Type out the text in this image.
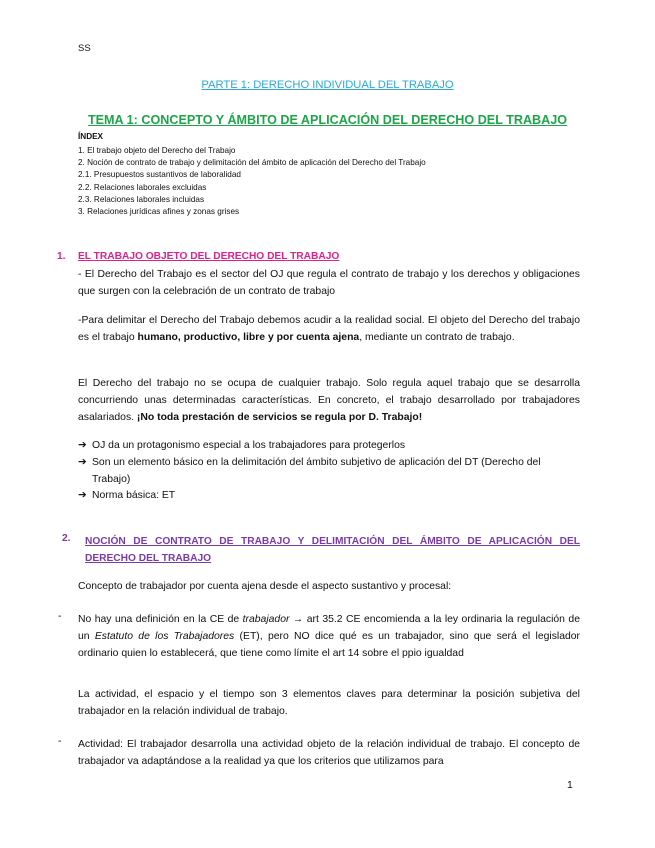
SS
PARTE 1: DERECHO INDIVIDUAL DEL TRABAJO
TEMA 1: CONCEPTO Y ÁMBITO DE APLICACIÓN DEL DERECHO DEL TRABAJO
ÍNDEX
1. El trabajo objeto del Derecho del Trabajo
2. Noción de contrato de trabajo y delimitación del ámbito de aplicación del Derecho del Trabajo
2.1. Presupuestos sustantivos de laboralidad
2.2. Relaciones laborales excluidas
2.3. Relaciones laborales incluidas
3. Relaciones jurídicas afines y zonas grises
1. EL TRABAJO OBJETO DEL DERECHO DEL TRABAJO
- El Derecho del Trabajo es el sector del OJ que regula el contrato de trabajo y los derechos y obligaciones que surgen con la celebración de un contrato de trabajo
-Para delimitar el Derecho del Trabajo debemos acudir a la realidad social. El objeto del Derecho del trabajo es el trabajo humano, productivo, libre y por cuenta ajena, mediante un contrato de trabajo.
El Derecho del trabajo no se ocupa de cualquier trabajo. Solo regula aquel trabajo que se desarrolla concurriendo unas determinadas características. En concreto, el trabajo desarrollado por trabajadores asalariados. ¡No toda prestación de servicios se regula por D. Trabajo!
➔ OJ da un protagonismo especial a los trabajadores para protegerlos
➔ Son un elemento básico en la delimitación del ámbito subjetivo de aplicación del DT (Derecho del Trabajo)
➔ Norma básica: ET
2. NOCIÓN DE CONTRATO DE TRABAJO Y DELIMITACIÓN DEL ÁMBITO DE APLICACIÓN DEL DERECHO DEL TRABAJO
Concepto de trabajador por cuenta ajena desde el aspecto sustantivo y procesal:
- No hay una definición en la CE de trabajador → art 35.2 CE encomienda a la ley ordinaria la regulación de un Estatuto de los Trabajadores (ET), pero NO dice qué es un trabajador, sino que será el legislador ordinario quien lo establecerá, que tiene como límite el art 14 sobre el ppio igualdad
La actividad, el espacio y el tiempo son 3 elementos claves para determinar la posición subjetiva del trabajador en la relación individual de trabajo.
- Actividad: El trabajador desarrolla una actividad objeto de la relación individual de trabajo. El concepto de trabajador va adaptándose a la realidad ya que los criterios que utilizamos para
1
